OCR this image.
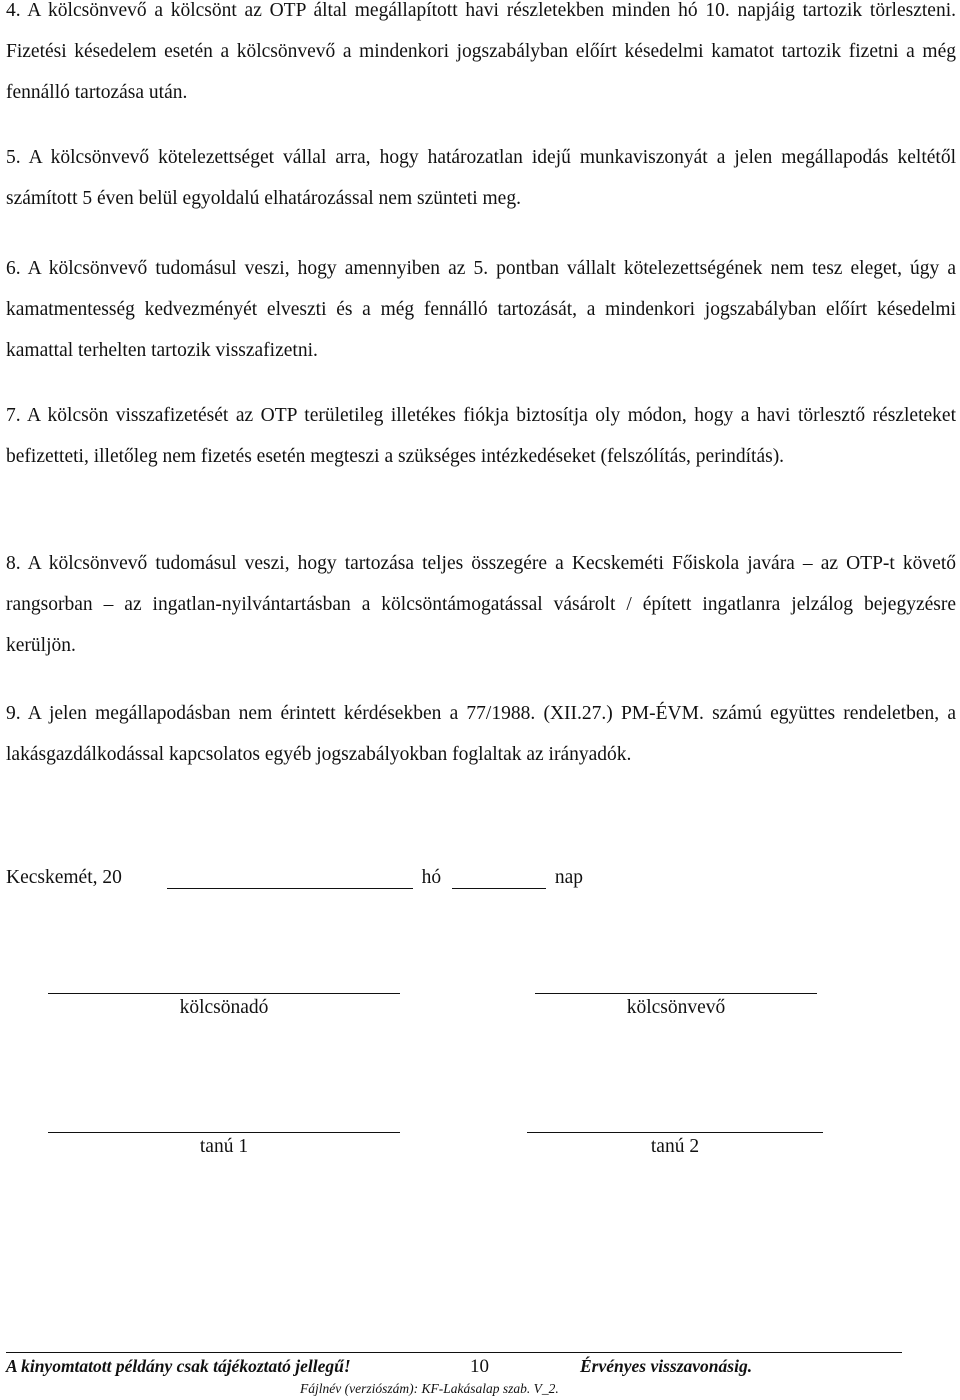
4. A kölcsönvevő a kölcsönt az OTP által megállapított havi részletekben minden hó 10. napjáig tartozik törleszteni. Fizetési késedelem esetén a kölcsönvevő a mindenkori jogszabályban előírt késedelmi kamatot tartozik fizetni a még fennálló tartozása után.

5. A kölcsönvevő kötelezettséget vállal arra, hogy határozatlan idejű munkaviszonyát a jelen megállapodás keltétől számított 5 éven belül egyoldalú elhatározással nem szünteti meg.

6. A kölcsönvevő tudomásul veszi, hogy amennyiben az 5. pontban vállalt kötelezettségének nem tesz eleget, úgy a kamatmentesség kedvezményét elveszti és a még fennálló tartozását, a mindenkori jogszabályban előírt késedelmi kamattal terhelten tartozik visszafizetni.

7. A kölcsön visszafizetését az OTP területileg illetékes fiókja biztosítja oly módon, hogy a havi törlesztő részleteket befizetteti, illetőleg nem fizetés esetén megteszi a szükséges intézkedéseket (felszólítás, perindítás).

8. A kölcsönvevő tudomásul veszi, hogy tartozása teljes összegére a Kecskeméti Főiskola javára – az OTP-t követő rangsorban – az ingatlan-nyilvántartásban a kölcsöntámogatással vásárolt / épített ingatlanra jelzálog bejegyzésre kerüljön.

9. A jelen megállapodásban nem érintett kérdésekben a 77/1988. (XII.27.) PM-ÉVM. számú együttes rendeletben, a lakásgazdálkodással kapcsolatos egyéb jogszabályokban foglaltak az irányadók.

Kecskemét, 20	hó	nap
kölcsönadó	kölcsönvevő
tanú 1	tanú 2
A kinyomtatott példány csak tájékoztató jellegű!	10	Érvényes visszavonásig.
Fájlnév (verziószám): KF-Lakásalap szab. V_2.
